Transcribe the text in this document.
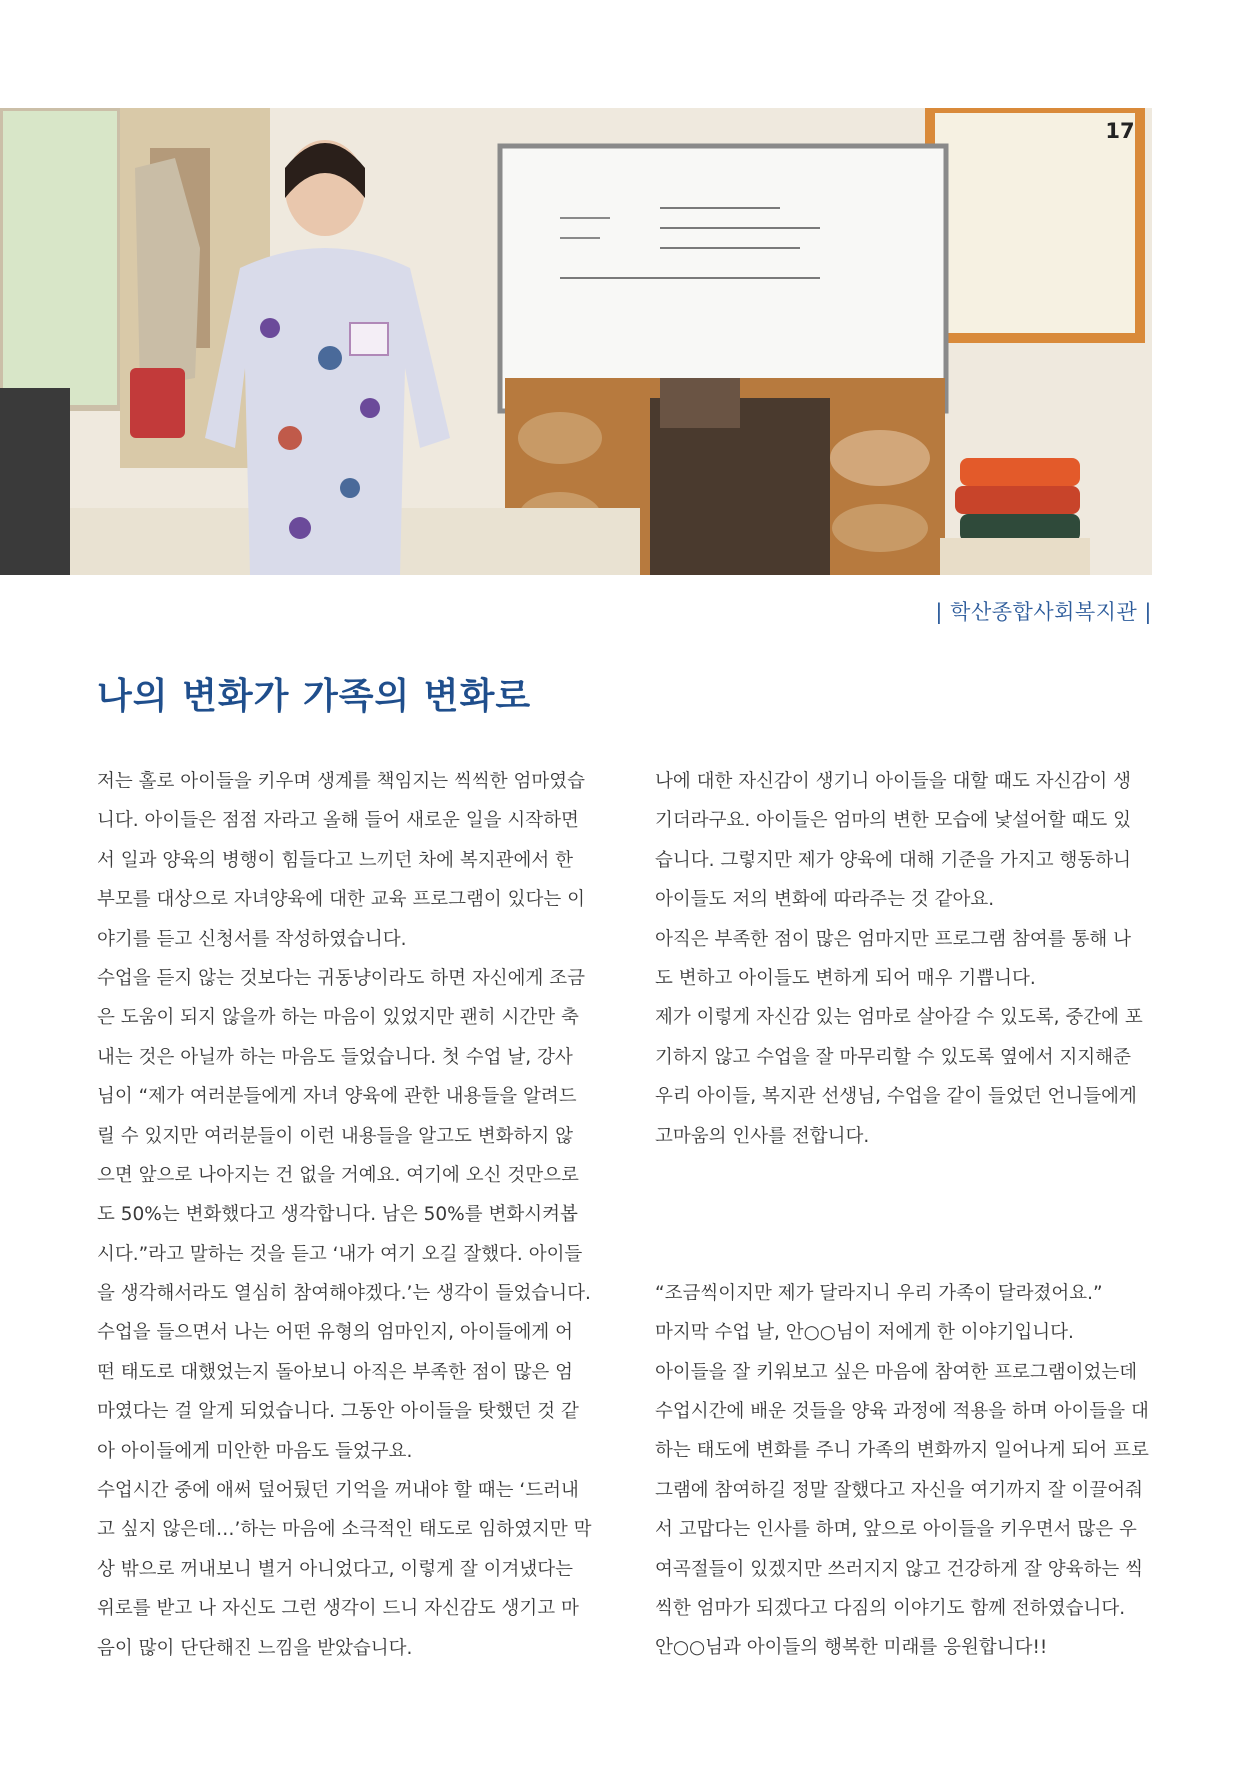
17
| 학산종합사회복지관 |
나의 변화가 가족의 변화로
저는 홀로 아이들을 키우며 생계를 책임지는 씩씩한 엄마였습
니다. 아이들은 점점 자라고 올해 들어 새로운 일을 시작하면
서 일과 양육의 병행이 힘들다고 느끼던 차에 복지관에서 한
부모를 대상으로 자녀양육에 대한 교육 프로그램이 있다는 이
야기를 듣고 신청서를 작성하였습니다.
수업을 듣지 않는 것보다는 귀동냥이라도 하면 자신에게 조금
은 도움이 되지 않을까 하는 마음이 있었지만 괜히 시간만 축
내는 것은 아닐까 하는 마음도 들었습니다. 첫 수업 날, 강사
님이 “제가 여러분들에게 자녀 양육에 관한 내용들을 알려드
릴 수 있지만 여러분들이 이런 내용들을 알고도 변화하지 않
으면 앞으로 나아지는 건 없을 거예요. 여기에 오신 것만으로
도 50%는 변화했다고 생각합니다. 남은 50%를 변화시켜봅
시다.”라고 말하는 것을 듣고 ‘내가 여기 오길 잘했다. 아이들
을 생각해서라도 열심히 참여해야겠다.’는 생각이 들었습니다.
수업을 들으면서 나는 어떤 유형의 엄마인지, 아이들에게 어
떤 태도로 대했었는지 돌아보니 아직은 부족한 점이 많은 엄
마였다는 걸 알게 되었습니다. 그동안 아이들을 탓했던 것 같
아 아이들에게 미안한 마음도 들었구요.
수업시간 중에 애써 덮어뒀던 기억을 꺼내야 할 때는 ‘드러내
고 싶지 않은데…’하는 마음에 소극적인 태도로 임하였지만 막
상 밖으로 꺼내보니 별거 아니었다고, 이렇게 잘 이겨냈다는
위로를 받고 나 자신도 그런 생각이 드니 자신감도 생기고 마
음이 많이 단단해진 느낌을 받았습니다.
나에 대한 자신감이 생기니 아이들을 대할 때도 자신감이 생
기더라구요. 아이들은 엄마의 변한 모습에 낯설어할 때도 있
습니다. 그렇지만 제가 양육에 대해 기준을 가지고 행동하니
아이들도 저의 변화에 따라주는 것 같아요.
아직은 부족한 점이 많은 엄마지만 프로그램 참여를 통해 나
도 변하고 아이들도 변하게 되어 매우 기쁩니다.
제가 이렇게 자신감 있는 엄마로 살아갈 수 있도록, 중간에 포
기하지 않고 수업을 잘 마무리할 수 있도록 옆에서 지지해준
우리 아이들, 복지관 선생님, 수업을 같이 들었던 언니들에게
고마움의 인사를 전합니다.
“조금씩이지만 제가 달라지니 우리 가족이 달라졌어요.”
마지막 수업 날, 안○○님이 저에게 한 이야기입니다.
아이들을 잘 키워보고 싶은 마음에 참여한 프로그램이었는데
수업시간에 배운 것들을 양육 과정에 적용을 하며 아이들을 대
하는 태도에 변화를 주니 가족의 변화까지 일어나게 되어 프로
그램에 참여하길 정말 잘했다고 자신을 여기까지 잘 이끌어줘
서 고맙다는 인사를 하며, 앞으로 아이들을 키우면서 많은 우
여곡절들이 있겠지만 쓰러지지 않고 건강하게 잘 양육하는 씩
씩한 엄마가 되겠다고 다짐의 이야기도 함께 전하였습니다.
안○○님과 아이들의 행복한 미래를 응원합니다!!
